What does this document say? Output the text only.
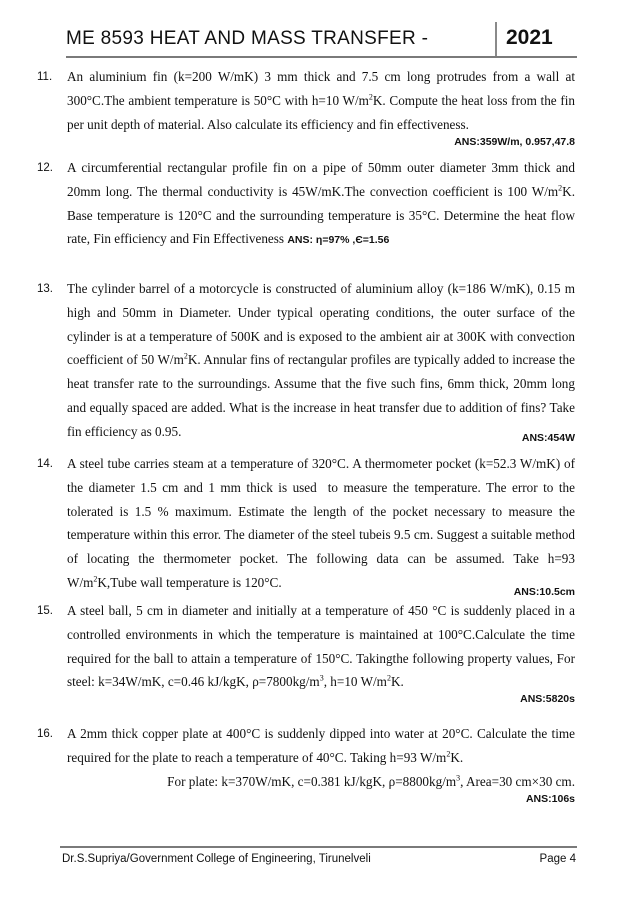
ME 8593 HEAT AND MASS TRANSFER -	2021
11. An aluminium fin (k=200 W/mK) 3 mm thick and 7.5 cm long protrudes from a wall at 300°C.The ambient temperature is 50°C with h=10 $W/m^2K$. Compute the heat loss from the fin per unit depth of material. Also calculate its efficiency and fin effectiveness.
ANS:359W/m, 0.957,47.8
12. A circumferential rectangular profile fin on a pipe of 50mm outer diameter 3mm thick and 20mm long. The thermal conductivity is 45W/mK.The convection coefficient is 100 $W/m^2K$. Base temperature is 120°C and the surrounding temperature is 35°C. Determine the heat flow rate, Fin efficiency and Fin Effectiveness ANS: η=97% ,Є=1.56
13. The cylinder barrel of a motorcycle is constructed of aluminium alloy (k=186 W/mK), 0.15 m high and 50mm in Diameter. Under typical operating conditions, the outer surface of the cylinder is at a temperature of 500K and is exposed to the ambient air at 300K with convection coefficient of 50 $W/m^2K$. Annular fins of rectangular profiles are typically added to increase the heat transfer rate to the surroundings. Assume that the five such fins, 6mm thick, 20mm long and equally spaced are added. What is the increase in heat transfer due to addition of fins? Take fin efficiency as 0.95.	ANS:454W
14. A steel tube carries steam at a temperature of 320°C. A thermometer pocket (k=52.3 W/mK) of the diameter 1.5 cm and 1 mm thick is used  to measure the temperature. The error to the tolerated is 1.5 % maximum. Estimate the length of the pocket necessary to measure the temperature within this error. The diameter of the steel tubeis 9.5 cm. Suggest a suitable method of locating the thermometer pocket. The following data can be assumed. Take h=93 $W/m^2K,Tube$ wall temperature is 120°C.
ANS:10.5cm
15. A steel ball, 5 cm in diameter and initially at a temperature of 450 °C is suddenly placed in a controlled environments in which the temperature is maintained at 100°C.Calculate the time required for the ball to attain a temperature of 150°C. Takingthe following property values, For steel: k=34W/mK, c=0.46 kJ/kgK, $\rho=7800kg/m^3$, h=10 $W/m^2K$.
ANS:5820s
16. A 2mm thick copper plate at 400°C is suddenly dipped into water at 20°C. Calculate the time required for the plate to reach a temperature of 40°C. Taking h=93 $W/m^2K$.
For plate: k=370W/mK, c=0.381 kJ/kgK, $\rho=8800kg/m^3$, Area=30 cm×30 cm.
ANS:106s
Dr.S.Supriya/Government College of Engineering, Tirunelveli	Page 4
